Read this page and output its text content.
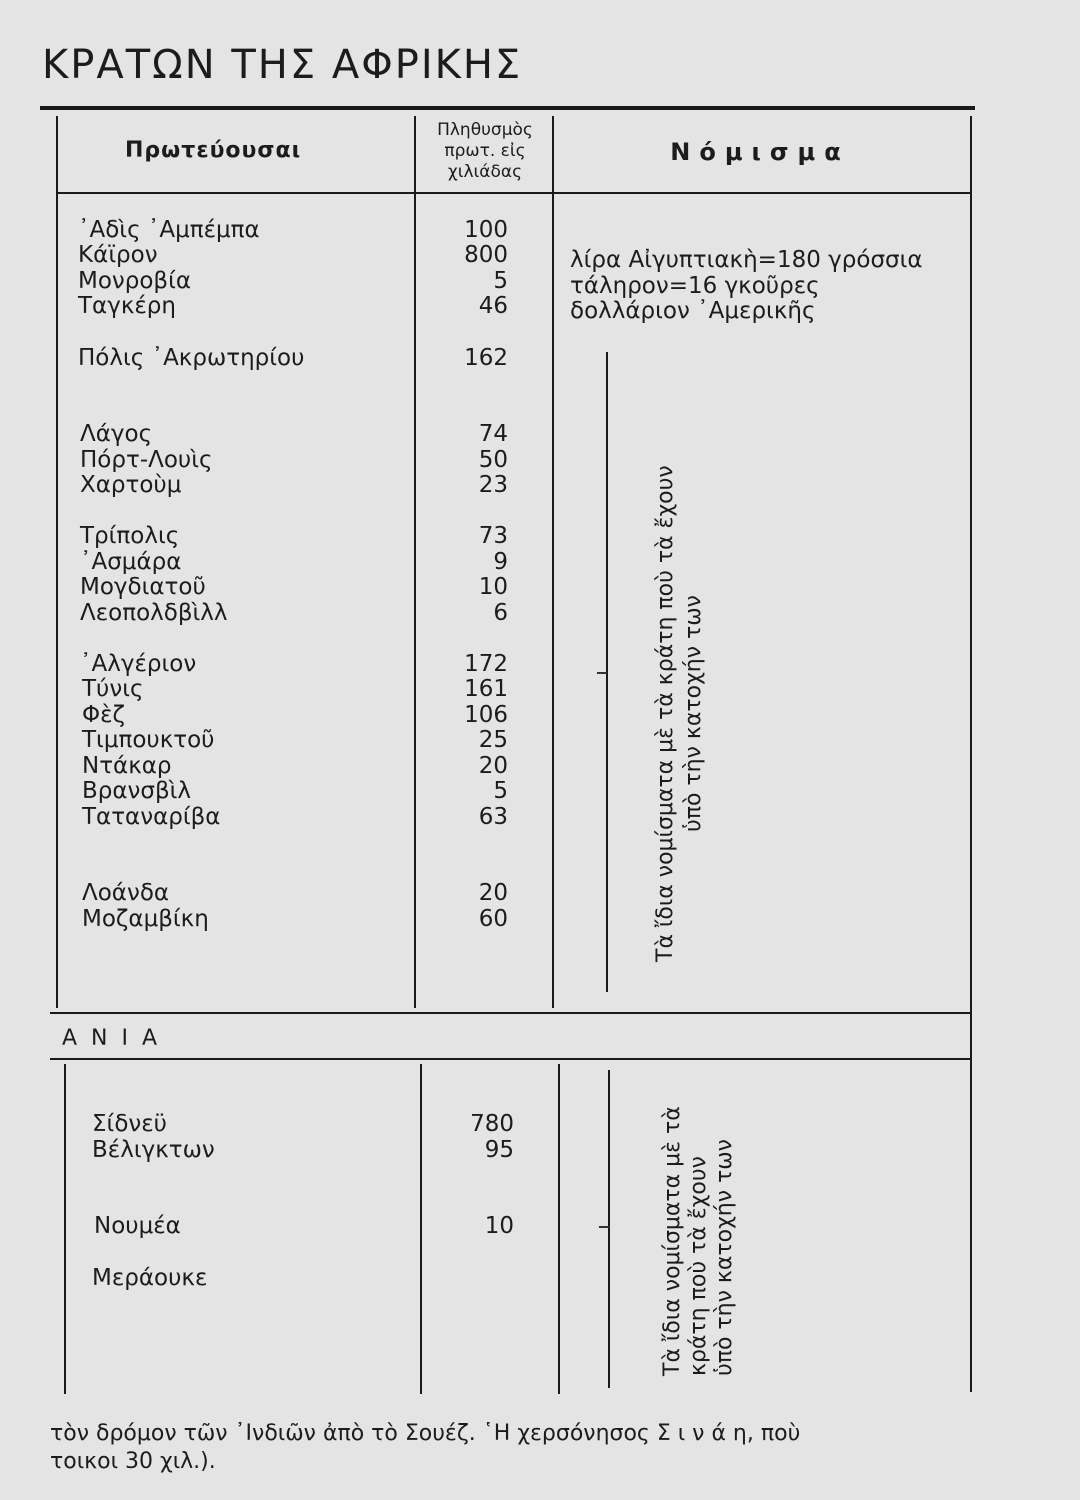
ΚΡΑΤΩΝ ΤΗΣ ΑΦΡΙΚΗΣ
Πρωτεύουσαι
Πληθυσμὸς
πρωτ. εἰς
χιλιάδας
Νόμισμα
᾿Αδὶς ᾿Αμπέμπα
Κάϊρον
Μονροβία
Ταγκέρη
Πόλις ᾿Ακρωτηρίου
Λάγος
Πόρτ-Λουὶς
Χαρτοὺμ
Τρίπολις
᾿Ασμάρα
Μογδιατοῦ
Λεοπολδβὶλλ
᾿Αλγέριον
Τύνις
Φὲζ
Τιμπουκτοῦ
Ντάκαρ
Βρανσβὶλ
Ταταναρίβα
Λοάνδα
Μοζαμβίκη
100
800
5
46
162
74
50
23
73
9
10
6
172
161
106
25
20
5
63
20
60
λίρα Αἰγυπτιακὴ=180 γρόσσια
τάληρον=16 γκοῦρες
δολλάριον ᾿Αμερικῆς
Τὰ ἴδια νομίσματα μὲ τὰ κράτη ποὺ τὰ ἔχουν ὑπὸ τὴν κατοχήν των
ΑΝΙΑ
Σίδνεϋ
Βέλιγκτων
Νουμέα
Μεράουκε
780
95
10	Τὰ ἴδια νομίσματα μὲ τὰ κράτη ποὺ τὰ ἔχουν ὑπὸ τὴν κατοχήν των
τὸν δρόμον τῶν ᾿Ινδιῶν ἀπὸ τὸ Σουέζ. ῾Η χερσόνησος Σ ι ν ά η, ποὺ
τοικοι 30 χιλ.).
